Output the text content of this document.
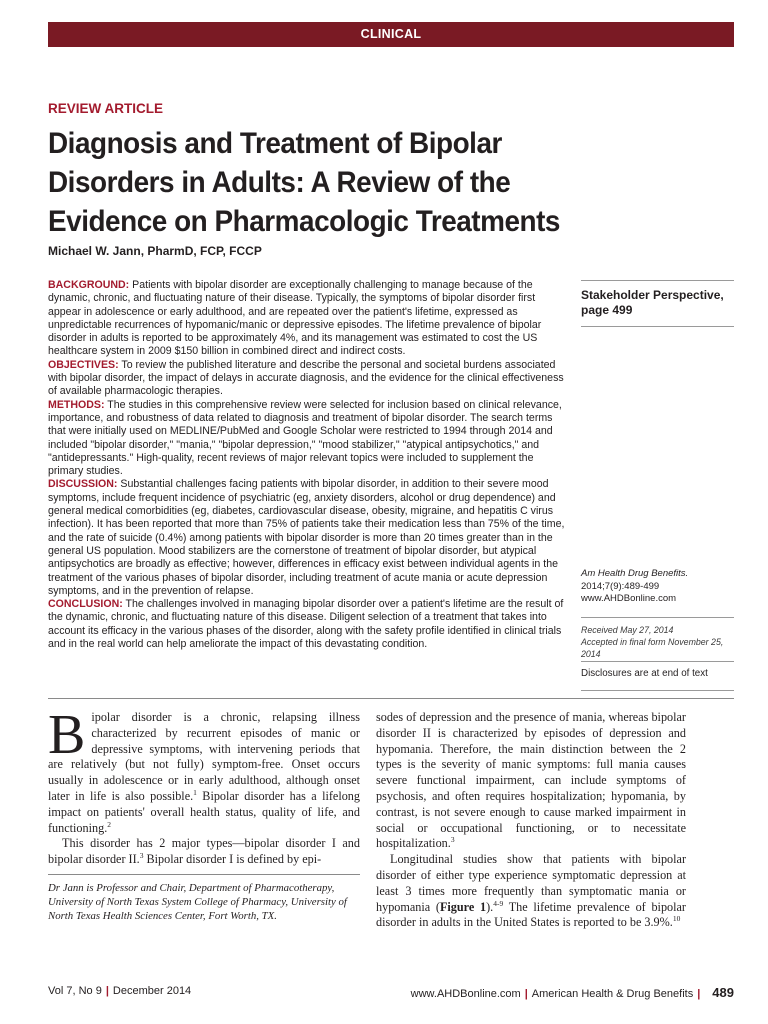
CLINICAL
REVIEW ARTICLE
Diagnosis and Treatment of Bipolar Disorders in Adults: A Review of the Evidence on Pharmacologic Treatments
Michael W. Jann, PharmD, FCP, FCCP

BACKGROUND: Patients with bipolar disorder are exceptionally challenging to manage because of the dynamic, chronic, and fluctuating nature of their disease. Typically, the symptoms of bipolar disorder first appear in adolescence or early adulthood, and are repeated over the patient's lifetime, expressed as unpredictable recurrences of hypomanic/manic or depressive episodes. The lifetime prevalence of bipolar disorder in adults is reported to be approximately 4%, and its management was estimated to cost the US healthcare system in 2009 $150 billion in combined direct and indirect costs.

OBJECTIVES: To review the published literature and describe the personal and societal burdens associated with bipolar disorder, the impact of delays in accurate diagnosis, and the evidence for the clinical effectiveness of available pharmacologic therapies.

METHODS: The studies in this comprehensive review were selected for inclusion based on clinical relevance, importance, and robustness of data related to diagnosis and treatment of bipolar disorder. The search terms that were initially used on MEDLINE/PubMed and Google Scholar were restricted to 1994 through 2014 and included "bipolar disorder," "mania," "bipolar depression," "mood stabilizer," "atypical antipsychotics," and "antidepressants." High-quality, recent reviews of major relevant topics were included to supplement the primary studies.

DISCUSSION: Substantial challenges facing patients with bipolar disorder, in addition to their severe mood symptoms, include frequent incidence of psychiatric (eg, anxiety disorders, alcohol or drug dependence) and general medical comorbidities (eg, diabetes, cardiovascular disease, obesity, migraine, and hepatitis C virus infection). It has been reported that more than 75% of patients take their medication less than 75% of the time, and the rate of suicide (0.4%) among patients with bipolar disorder is more than 20 times greater than in the general US population. Mood stabilizers are the cornerstone of treatment of bipolar disorder, but atypical antipsychotics are broadly as effective; however, differences in efficacy exist between individual agents in the treatment of the various phases of bipolar disorder, including treatment of acute mania or acute depression symptoms, and in the prevention of relapse.

CONCLUSION: The challenges involved in managing bipolar disorder over a patient's lifetime are the result of the dynamic, chronic, and fluctuating nature of this disease. Diligent selection of a treatment that takes into account its efficacy in the various phases of the disorder, along with the safety profile identified in clinical trials and in the real world can help ameliorate the impact of this devastating condition.

Stakeholder Perspective, page 499
Am Health Drug Benefits.
2014;7(9):489-499
www.AHDBonline.com
Received May 27, 2014
Accepted in final form November 25, 2014
Disclosures are at end of text

Bipolar disorder is a chronic, relapsing illness characterized by recurrent episodes of manic or depressive symptoms, with intervening periods that are relatively (but not fully) symptom-free. Onset occurs usually in adolescence or in early adulthood, although onset later in life is also possible.$^1$ Bipolar disorder has a lifelong impact on patients' overall health status, quality of life, and functioning.$^2$

This disorder has 2 major types—bipolar disorder I and bipolar disorder II.$^3$ Bipolar disorder I is defined by epi-

Dr Jann is Professor and Chair, Department of Pharmacotherapy, University of North Texas System College of Pharmacy, University of North Texas Health Sciences Center, Fort Worth, TX.

sodes of depression and the presence of mania, whereas bipolar disorder II is characterized by episodes of depression and hypomania. Therefore, the main distinction between the 2 types is the severity of manic symptoms: full mania causes severe functional impairment, can include symptoms of psychosis, and often requires hospitalization; hypomania, by contrast, is not severe enough to cause marked impairment in social or occupational functioning, or to necessitate hospitalization.$^3$

Longitudinal studies show that patients with bipolar disorder of either type experience symptomatic depression at least 3 times more frequently than symptomatic mania or hypomania (Figure 1).$^{4-9}$ The lifetime prevalence of bipolar disorder in adults in the United States is reported to be 3.9%.$^{10}$

Vol 7, No 9 | December 2014	www.AHDBonline.com | American Health & Drug Benefits | 489
